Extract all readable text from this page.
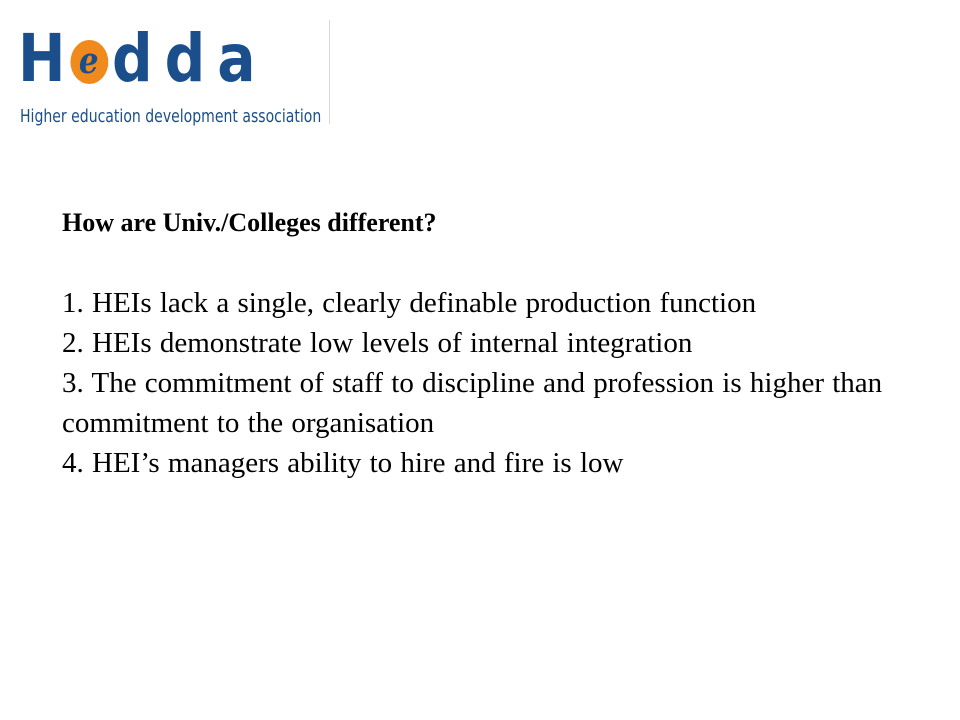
H e d d a
Higher education development association

How are Univ./Colleges different?

1. HEIs lack a single, clearly definable production function
2. HEIs demonstrate low levels of internal integration
3. The commitment of staff to discipline and profession is higher than commitment to the organisation
4. HEI’s managers ability to hire and fire is low
